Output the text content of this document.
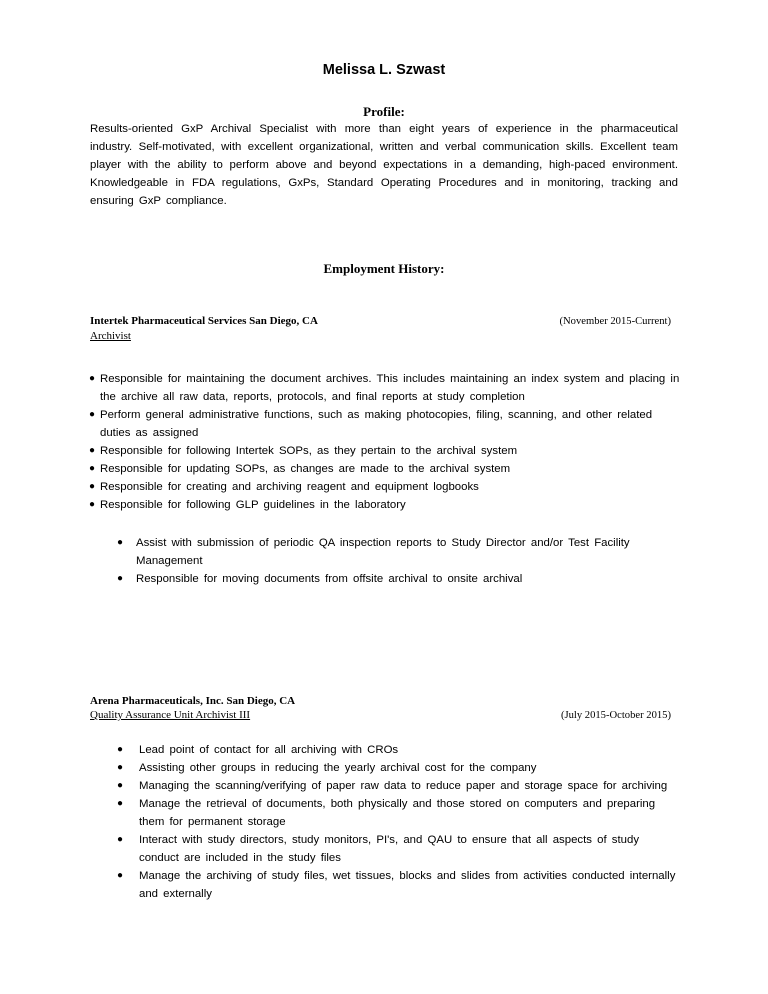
Melissa L. Szwast
Profile:

Results-oriented GxP Archival Specialist with more than eight years of experience in the pharmaceutical industry. Self-motivated, with excellent organizational, written and verbal communication skills. Excellent team player with the ability to perform above and beyond expectations in a demanding, high-paced environment. Knowledgeable in FDA regulations, GxPs, Standard Operating Procedures and in monitoring, tracking and ensuring GxP compliance.

Employment History:
Intertek Pharmaceutical Services San Diego, CA	(November 2015-Current)
Archivist
● Responsible for maintaining the document archives. This includes maintaining an index system and placing in the archive all raw data, reports, protocols, and final reports at study completion
● Perform general administrative functions, such as making photocopies, filing, scanning, and other related duties as assigned
● Responsible for following Intertek SOPs, as they pertain to the archival system
● Responsible for updating SOPs, as changes are made to the archival system
● Responsible for creating and archiving reagent and equipment logbooks
● Responsible for following GLP guidelines in the laboratory
● Assist with submission of periodic QA inspection reports to Study Director and/or Test Facility Management
● Responsible for moving documents from offsite archival to onsite archival
Arena Pharmaceuticals, Inc. San Diego, CA
Quality Assurance Unit Archivist III	(July 2015-October 2015)
● Lead point of contact for all archiving with CROs
● Assisting other groups in reducing the yearly archival cost for the company
● Managing the scanning/verifying of paper raw data to reduce paper and storage space for archiving
● Manage the retrieval of documents, both physically and those stored on computers and preparing them for permanent storage
● Interact with study directors, study monitors, PI's, and QAU to ensure that all aspects of study conduct are included in the study files
● Manage the archiving of study files, wet tissues, blocks and slides from activities conducted internally and externally
